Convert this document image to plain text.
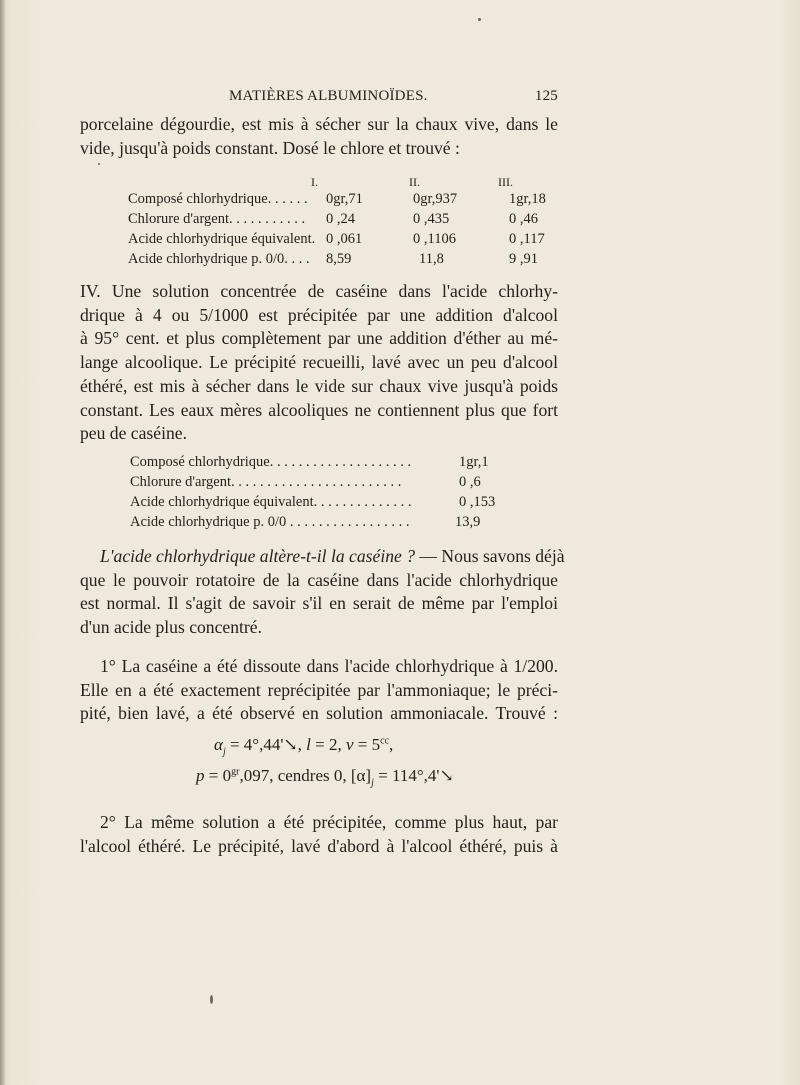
MATIÈRES ALBUMINOÏDES.	125
porcelaine dégourdie, est mis à sécher sur la chaux vive, dans le
vide, jusqu'à poids constant. Dosé le chlore et trouvé :
I.	II.	III.
Composé chlorhydrique. . . . . . 0gr,71	0gr,937	1gr,18
Chlorure d'argent. . . . . . . . . . . 0 ,24	0 ,435	0 ,46
Acide chlorhydrique équivalent. 0 ,061	0 ,1106	0 ,117
Acide chlorhydrique p. 0/0. . . . 8,59	11,8	9 ,91
IV. Une solution concentrée de caséine dans l'acide chlorhy-
drique à 4 ou 5/1000 est précipitée par une addition d'alcool
à 95° cent. et plus complètement par une addition d'éther au mé-
lange alcoolique. Le précipité recueilli, lavé avec un peu d'alcool
éthéré, est mis à sécher dans le vide sur chaux vive jusqu'à poids
constant. Les eaux mères alcooliques ne contiennent plus que fort
peu de caséine.
Composé chlorhydrique. . . . . . . . . . . . . . . . . . . .	1gr,1
Chlorure d'argent. . . . . . . . . . . . . . . . . . . . . . . .	0 ,6
Acide chlorhydrique équivalent. . . . . . . . . . . . . .	0 ,153
Acide chlorhydrique p. 0/0 . . . . . . . . . . . . . . . . .	13,9
L'acide chlorhydrique altère-t-il la caséine ? — Nous savons déjà
que le pouvoir rotatoire de la caséine dans l'acide chlorhydrique
est normal. Il s'agit de savoir s'il en serait de même par l'emploi
d'un acide plus concentré.
1° La caséine a été dissoute dans l'acide chlorhydrique à 1/200.
Elle en a été exactement reprécipitée par l'ammoniaque; le préci-
pité, bien lavé, a été observé en solution ammoniacale. Trouvé :
$\alpha_j$ = 4°,44'↘, l = 2, $v = 5^{cc}$,
$p = 0^{gr},097$, cendres 0, $[\alpha]_j$ = 114°,4'↘
2° La même solution a été précipitée, comme plus haut, par
l'alcool éthéré. Le précipité, lavé d'abord à l'alcool éthéré, puis à
